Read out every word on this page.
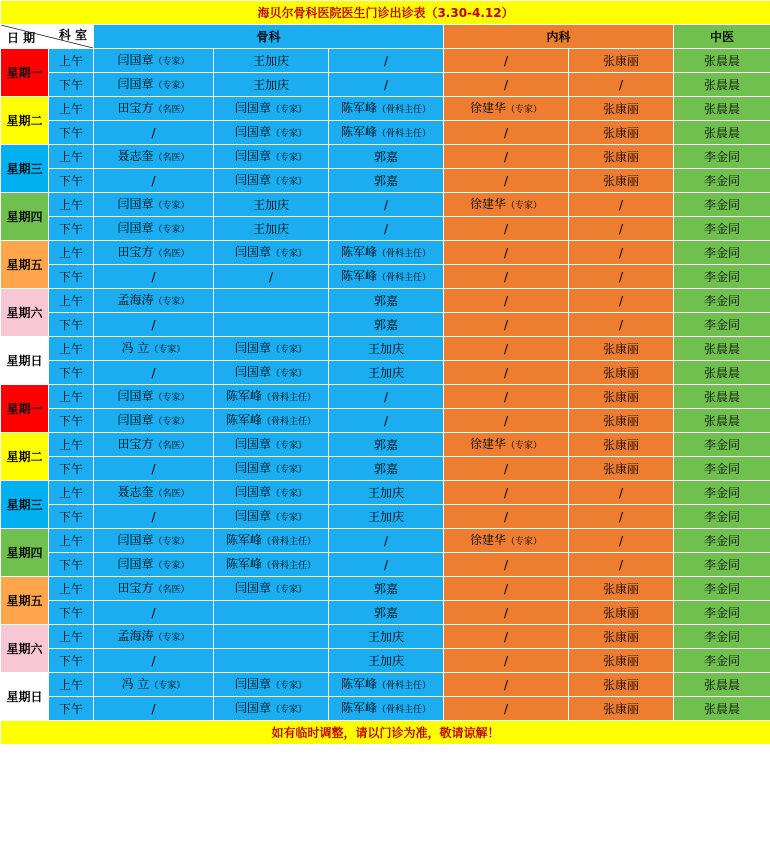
海贝尔骨科医院医生门诊出诊表（3.30-4.12）							

科 室
日 期		骨科			内科		中医
星期一	上午	闫国章（专家）	王加庆	/	/	张康丽	张晨晨
	下午	闫国章（专家）	王加庆	/	/	/	张晨晨
星期二	上午	田宝方（名医）	闫国章（专家）	陈军峰（骨科主任）	徐建华（专家）	张康丽	张晨晨
	下午	/	闫国章（专家）	陈军峰（骨科主任）	/	张康丽	张晨晨
星期三	上午	聂志奎（名医）	闫国章（专家）	郭嘉	/	张康丽	李金同
	下午	/	闫国章（专家）	郭嘉	/	张康丽	李金同
星期四	上午	闫国章（专家）	王加庆	/	徐建华（专家）	/	李金同
	下午	闫国章（专家）	王加庆	/	/	/	李金同
星期五	上午	田宝方（名医）	闫国章（专家）	陈军峰（骨科主任）	/	/	李金同
	下午	/	/	陈军峰（骨科主任）	/	/	李金同
星期六	上午	孟海涛（专家）		郭嘉	/	/	李金同
	下午	/		郭嘉	/	/	李金同
星期日	上午	冯 立（专家）	闫国章（专家）	王加庆	/	张康丽	张晨晨
	下午	/	闫国章（专家）	王加庆	/	张康丽	张晨晨
星期一	上午	闫国章（专家）	陈军峰（骨科主任）	/	/	张康丽	张晨晨
	下午	闫国章（专家）	陈军峰（骨科主任）	/	/	张康丽	张晨晨
星期二	上午	田宝方（名医）	闫国章（专家）	郭嘉	徐建华（专家）	张康丽	李金同
	下午	/	闫国章（专家）	郭嘉	/	张康丽	李金同
星期三	上午	聂志奎（名医）	闫国章（专家）	王加庆	/	/	李金同
	下午	/	闫国章（专家）	王加庆	/	/	李金同
星期四	上午	闫国章（专家）	陈军峰（骨科主任）	/	徐建华（专家）	/	李金同
	下午	闫国章（专家）	陈军峰（骨科主任）	/	/	/	李金同
星期五	上午	田宝方（名医）	闫国章（专家）	郭嘉	/	张康丽	李金同
	下午	/		郭嘉	/	张康丽	李金同
星期六	上午	孟海涛（专家）		王加庆	/	张康丽	李金同
	下午	/		王加庆	/	张康丽	李金同
星期日	上午	冯 立（专家）	闫国章（专家）	陈军峰（骨科主任）	/	张康丽	张晨晨
	下午	/	闫国章（专家）	陈军峰（骨科主任）	/	张康丽	张晨晨
如有临时调整，请以门诊为准，敬请谅解！							
